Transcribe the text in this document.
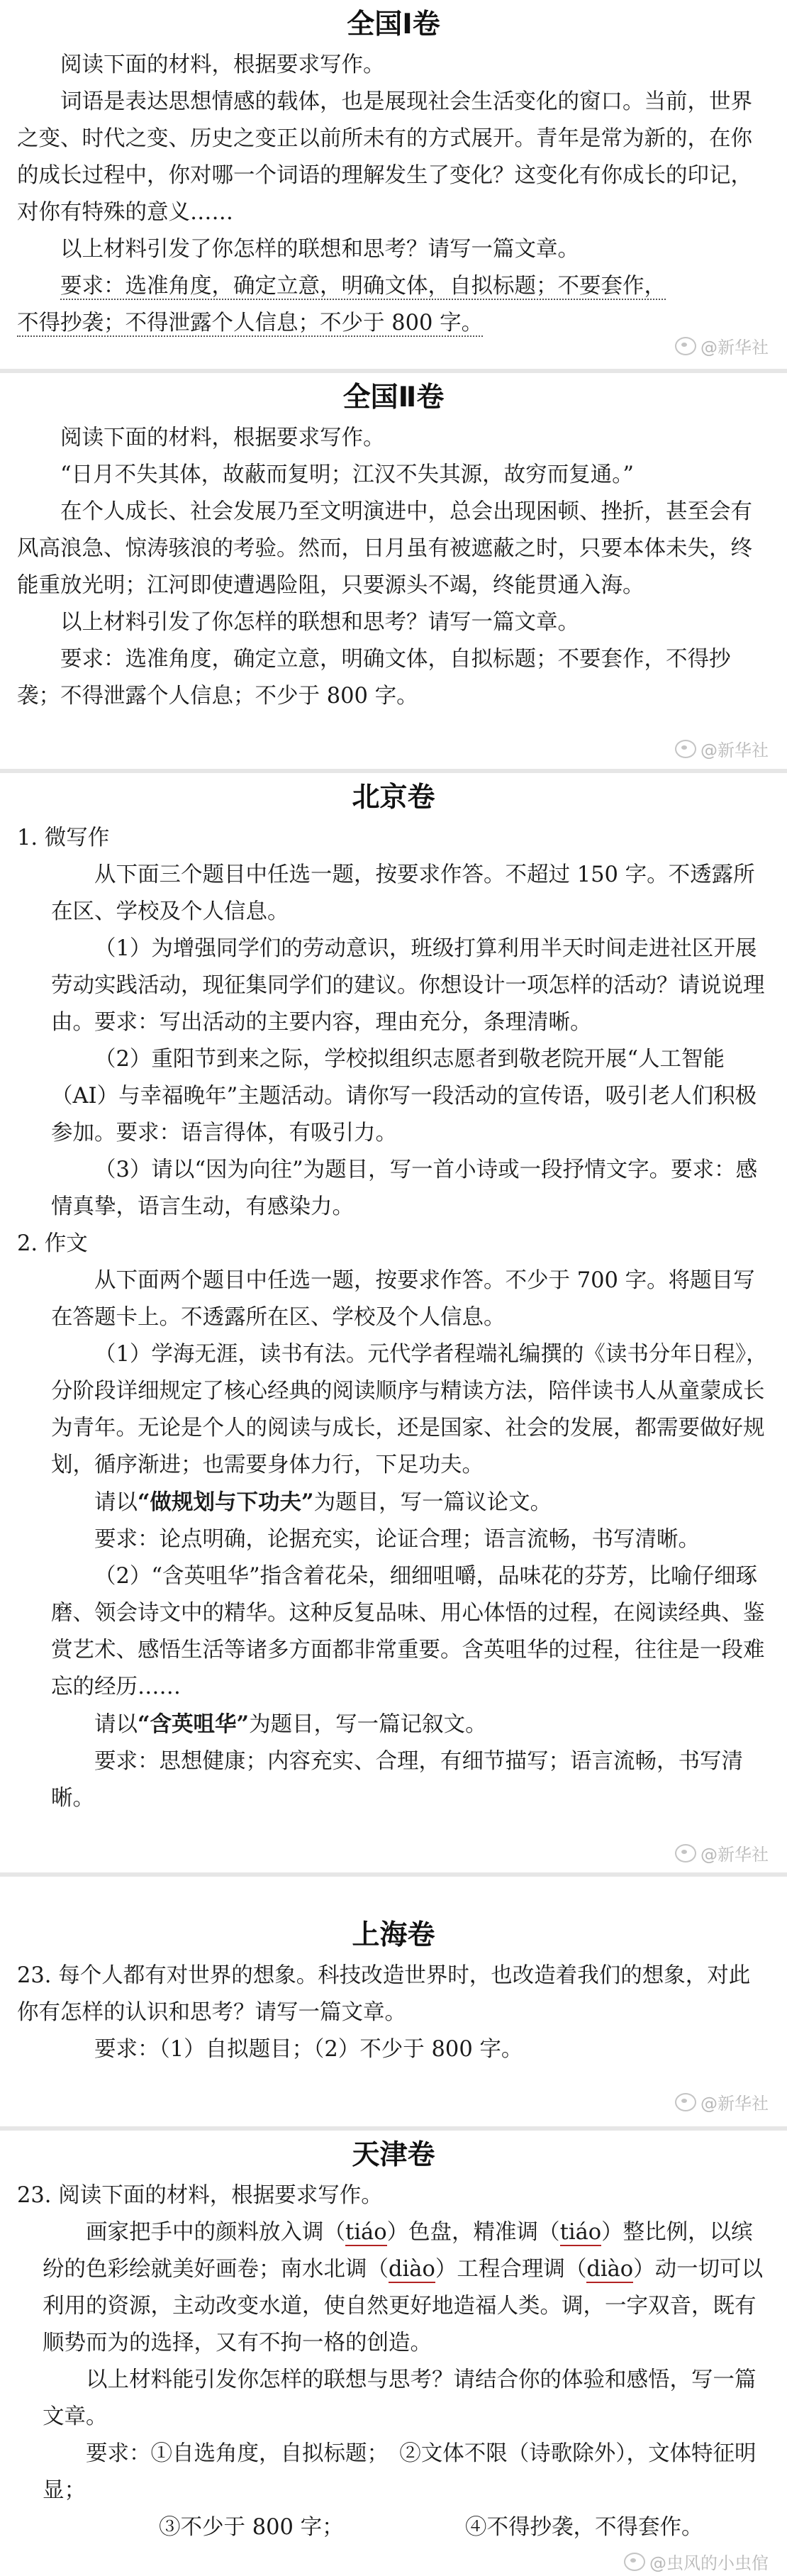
全国Ⅰ卷

阅读下面的材料，根据要求写作。

词语是表达思想情感的载体，也是展现社会生活变化的窗口。当前，世界之变、时代之变、历史之变正以前所未有的方式展开。青年是常为新的，在你的成长过程中，你对哪一个词语的理解发生了变化？这变化有你成长的印记，对你有特殊的意义……

以上材料引发了你怎样的联想和思考？请写一篇文章。

要求：选准角度，确定立意，明确文体，自拟标题；不要套作，

不得抄袭；不得泄露个人信息；不少于 800 字。

@新华社
全国Ⅱ卷

阅读下面的材料，根据要求写作。

“日月不失其体，故蔽而复明；江汉不失其源，故穷而复通。”

在个人成长、社会发展乃至文明演进中，总会出现困顿、挫折，甚至会有风高浪急、惊涛骇浪的考验。然而，日月虽有被遮蔽之时，只要本体未失，终能重放光明；江河即使遭遇险阻，只要源头不竭，终能贯通入海。

以上材料引发了你怎样的联想和思考？请写一篇文章。

要求：选准角度，确定立意，明确文体，自拟标题；不要套作，不得抄袭；不得泄露个人信息；不少于 800 字。

@新华社
北京卷

1. 微写作

从下面三个题目中任选一题，按要求作答。不超过 150 字。不透露所在区、学校及个人信息。

（1）为增强同学们的劳动意识，班级打算利用半天时间走进社区开展劳动实践活动，现征集同学们的建议。你想设计一项怎样的活动？请说说理由。要求：写出活动的主要内容，理由充分，条理清晰。

（2）重阳节到来之际，学校拟组织志愿者到敬老院开展“人工智能（AI）与幸福晚年”主题活动。请你写一段活动的宣传语，吸引老人们积极参加。要求：语言得体，有吸引力。

（3）请以“因为向往”为题目，写一首小诗或一段抒情文字。要求：感情真挚，语言生动，有感染力。

2. 作文

从下面两个题目中任选一题，按要求作答。不少于 700 字。将题目写在答题卡上。不透露所在区、学校及个人信息。

（1）学海无涯，读书有法。元代学者程端礼编撰的《读书分年日程》，分阶段详细规定了核心经典的阅读顺序与精读方法，陪伴读书人从童蒙成长为青年。无论是个人的阅读与成长，还是国家、社会的发展，都需要做好规划，循序渐进；也需要身体力行，下足功夫。

请以“做规划与下功夫”为题目，写一篇议论文。

要求：论点明确，论据充实，论证合理；语言流畅，书写清晰。

（2）“含英咀华”指含着花朵，细细咀嚼，品味花的芬芳，比喻仔细琢磨、领会诗文中的精华。这种反复品味、用心体悟的过程，在阅读经典、鉴赏艺术、感悟生活等诸多方面都非常重要。含英咀华的过程，往往是一段难忘的经历……

请以“含英咀华”为题目，写一篇记叙文。

要求：思想健康；内容充实、合理，有细节描写；语言流畅，书写清晰。

@新华社
上海卷

23. 每个人都有对世界的想象。科技改造世界时，也改造着我们的想象，对此你有怎样的认识和思考？请写一篇文章。

要求：（1）自拟题目；（2）不少于 800 字。

@新华社
天津卷

23. 阅读下面的材料，根据要求写作。

画家把手中的颜料放入调（tiáo）色盘，精准调（tiáo）整比例，以缤纷的色彩绘就美好画卷；南水北调（diào）工程合理调（diào）动一切可以利用的资源，主动改变水道，使自然更好地造福人类。调，一字双音，既有顺势而为的选择，又有不拘一格的创造。

以上材料能引发你怎样的联想与思考？请结合你的体验和感悟，写一篇文章。

要求：①自选角度，自拟标题；　②文体不限（诗歌除外），文体特征明显；

③不少于 800 字；	④不得抄袭，不得套作。
@虫风的小虫倌
